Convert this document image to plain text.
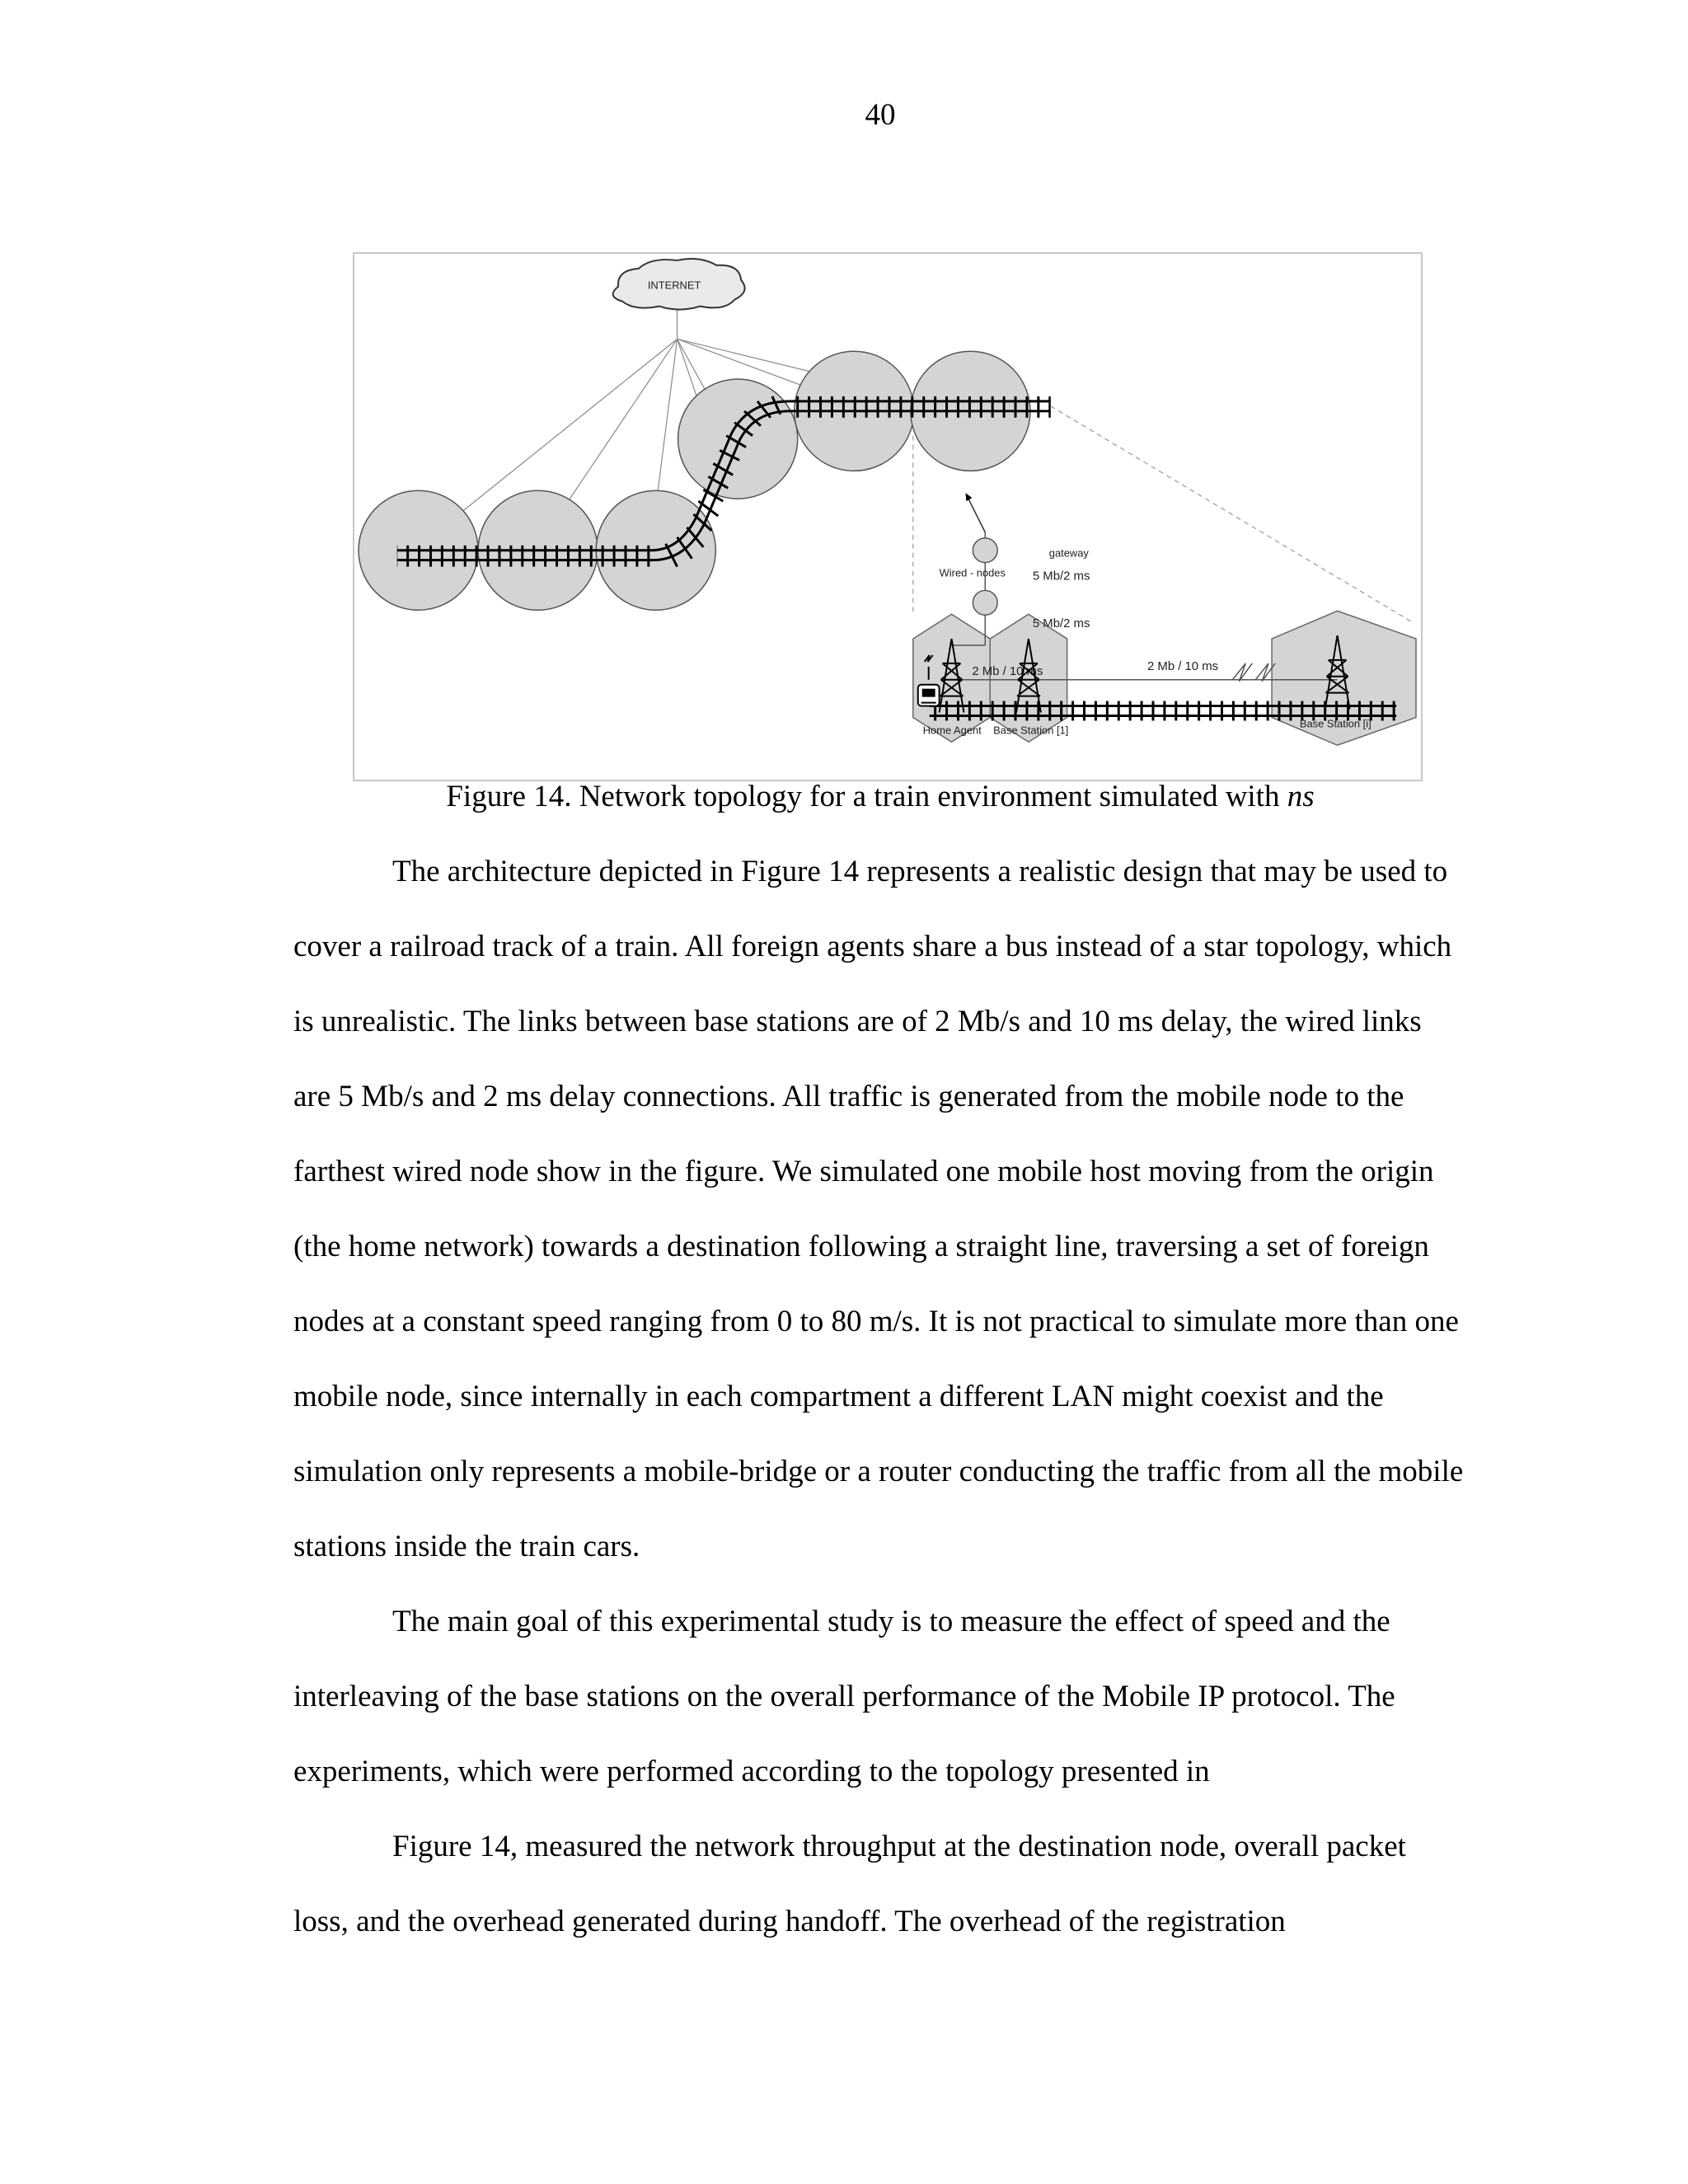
40
INTERNET
gateway
Wired - nodes 5 Mb/2 ms
5 Mb/2 ms
2 Mb / 10 ms	2 Mb / 10 ms
Home Agent Base Station [1]
Base Station [i]
Figure 14. Network topology for a train environment simulated with ns

The architecture depicted in Figure 14 represents a realistic design that may be used to cover a railroad track of a train. All foreign agents share a bus instead of a star topology, which is unrealistic. The links between base stations are of 2 Mb/s and 10 ms delay, the wired links are 5 Mb/s and 2 ms delay connections. All traffic is generated from the mobile node to the farthest wired node show in the figure. We simulated one mobile host moving from the origin (the home network) towards a destination following a straight line, traversing a set of foreign nodes at a constant speed ranging from 0 to 80 m/s. It is not practical to simulate more than one mobile node, since internally in each compartment a different LAN might coexist and the simulation only represents a mobile-bridge or a router conducting the traffic from all the mobile stations inside the train cars.

The main goal of this experimental study is to measure the effect of speed and the interleaving of the base stations on the overall performance of the Mobile IP protocol. The experiments, which were performed according to the topology presented in

Figure 14, measured the network throughput at the destination node, overall packet loss, and the overhead generated during handoff. The overhead of the registration
